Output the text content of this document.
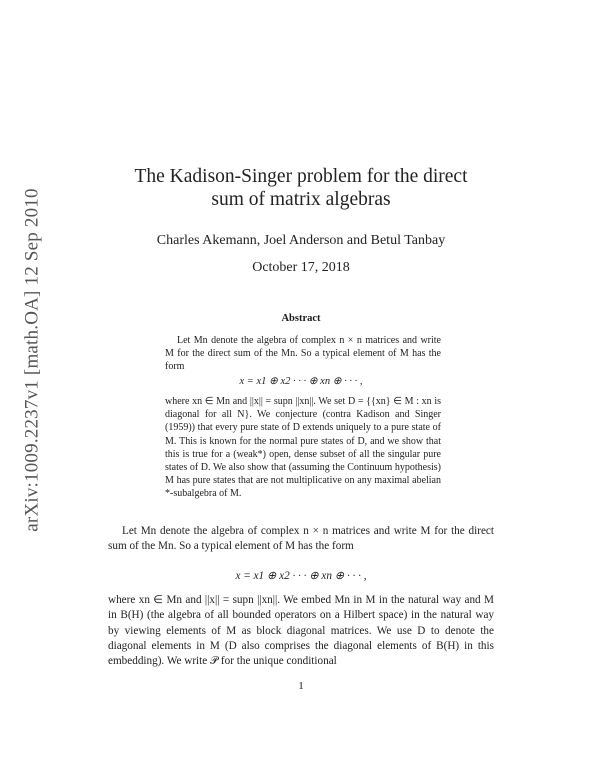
arXiv:1009.2237v1 [math.OA] 12 Sep 2010
The Kadison-Singer problem for the direct
sum of matrix algebras
Charles Akemann, Joel Anderson and Betul Tanbay
October 17, 2018
Abstract

Let Mn denote the algebra of complex n × n matrices and write M for the direct sum of the Mn. So a typical element of M has the form

x = x1 ⊕ x2 · · · ⊕ xn ⊕ · · · ,

where xn ∈ Mn and ||x|| = supn ||xn||. We set D = {{xn} ∈ M : xn is diagonal for all N}. We conjecture (contra Kadison and Singer (1959)) that every pure state of D extends uniquely to a pure state of M. This is known for the normal pure states of D, and we show that this is true for a (weak*) open, dense subset of all the singular pure states of D. We also show that (assuming the Continuum hypothesis) M has pure states that are not multiplicative on any maximal abelian *-subalgebra of M.

Let Mn denote the algebra of complex n × n matrices and write M for the direct sum of the Mn. So a typical element of M has the form

x = x1 ⊕ x2 · · · ⊕ xn ⊕ · · · ,

where xn ∈ Mn and ||x|| = supn ||xn||. We embed Mn in M in the natural way and M in B(H) (the algebra of all bounded operators on a Hilbert space) in the natural way by viewing elements of M as block diagonal matrices. We use D to denote the diagonal elements in M (D also comprises the diagonal elements of B(H) in this embedding). We write 𝒫 for the unique conditional

1
